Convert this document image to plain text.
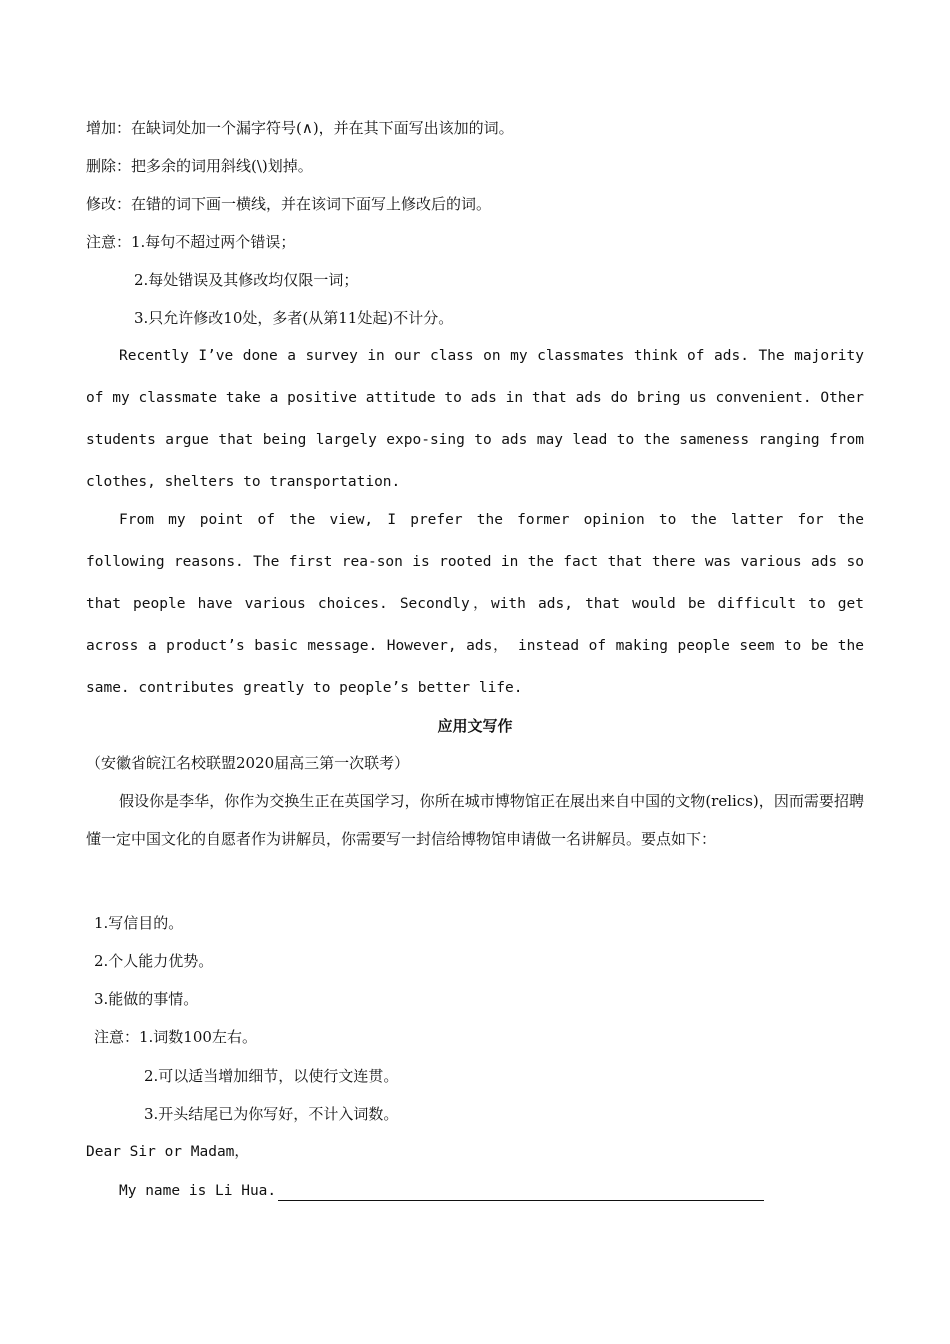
增加：在缺词处加一个漏字符号(∧)，并在其下面写出该加的词。
删除：把多余的词用斜线(\)划掉。
修改：在错的词下画一横线，并在该词下面写上修改后的词。
注意：1.每句不超过两个错误；
2.每处错误及其修改均仅限一词；
3.只允许修改10处，多者(从第11处起)不计分。
Recently I’ve done a survey in our class on my classmates think of ads. The majority of my classmate take a positive attitude to ads in that ads do bring us convenient. Other students argue that being largely expo-sing to ads may lead to the sameness ranging from clothes, shelters to transportation.
From my point of the view, I prefer the former opinion to the latter for the following reasons. The first rea-son is rooted in the fact that there was various ads so that people have various choices. Secondly，with ads, that would be difficult to get across a product’s basic message. However, ads， instead of making people seem to be the same. contributes greatly to people’s better life.
应用文写作
（安徽省皖江名校联盟2020届高三第一次联考）
假设你是李华，你作为交换生正在英国学习，你所在城市博物馆正在展出来自中国的文物(relics)，因而需要招聘懂一定中国文化的自愿者作为讲解员，你需要写一封信给博物馆申请做一名讲解员。要点如下：
1.写信目的。
2.个人能力优势。
3.能做的事情。
注意：1.词数100左右。
2.可以适当增加细节，以使行文连贯。
3.开头结尾已为你写好，不计入词数。
Dear Sir or Madam，
My name is Li Hua.
